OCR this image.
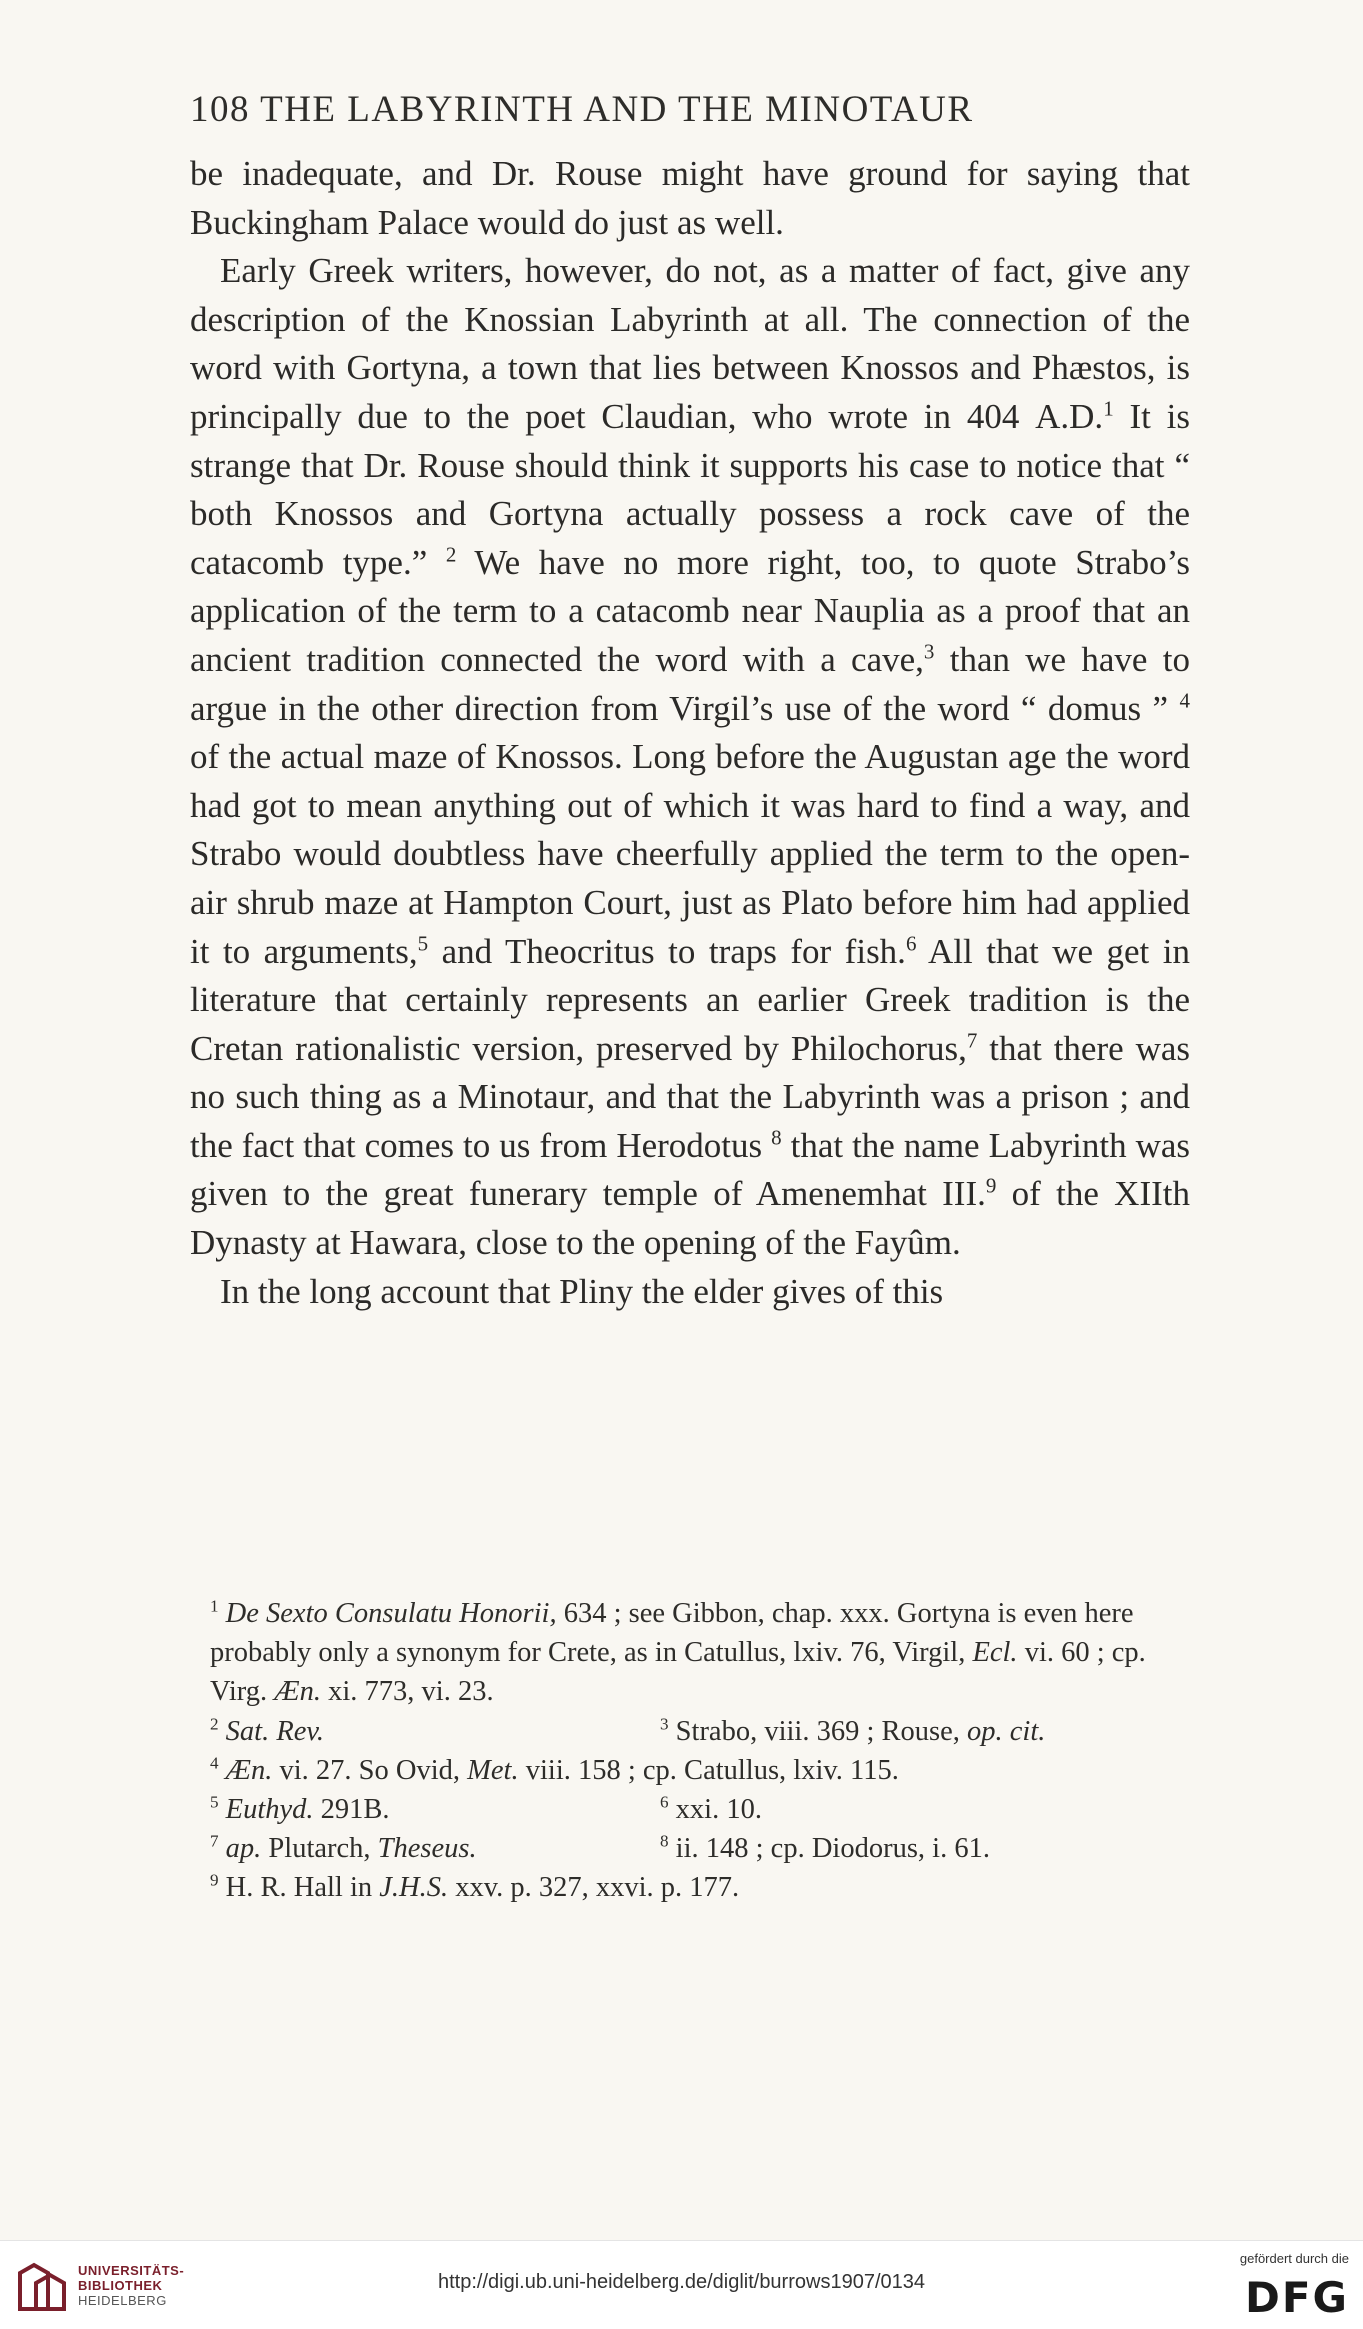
108 THE LABYRINTH AND THE MINOTAUR

be inadequate, and Dr. Rouse might have ground for saying that Buckingham Palace would do just as well.

Early Greek writers, however, do not, as a matter of fact, give any description of the Knossian Labyrinth at all. The connection of the word with Gortyna, a town that lies between Knossos and Phæstos, is principally due to the poet Claudian, who wrote in 404 A.D.$^1$ It is strange that Dr. Rouse should think it supports his case to notice that “ both Knossos and Gortyna actually possess a rock cave of the catacomb type.” $^2$ We have no more right, too, to quote Strabo’s application of the term to a catacomb near Nauplia as a proof that an ancient tradition connected the word with a cave,$^3$ than we have to argue in the other direction from Virgil’s use of the word “ domus ” $^4$ of the actual maze of Knossos. Long before the Augustan age the word had got to mean anything out of which it was hard to find a way, and Strabo would doubtless have cheerfully applied the term to the open-air shrub maze at Hampton Court, just as Plato before him had applied it to arguments,$^5$ and Theocritus to traps for fish.$^6$ All that we get in literature that certainly represents an earlier Greek tradition is the Cretan rationalistic version, preserved by Philochorus,$^7$ that there was no such thing as a Minotaur, and that the Labyrinth was a prison ; and the fact that comes to us from Herodotus $^8$ that the name Labyrinth was given to the great funerary temple of Amenemhat III.$^9$ of the XIIth Dynasty at Hawara, close to the opening of the Fayûm.

In the long account that Pliny the elder gives of this

$^1$ De Sexto Consulatu Honorii, 634 ; see Gibbon, chap. xxx. Gortyna is even here probably only a synonym for Crete, as in Catullus, lxiv. 76, Virgil, Ecl. vi. 60 ; cp. Virg. Æn. xi. 773, vi. 23.

$^2$ Sat. Rev.	$^3$ Strabo, viii. 369 ; Rouse, op. cit.

$^4$ Æn. vi. 27. So Ovid, Met. viii. 158 ; cp. Catullus, lxiv. 115.

$^5$ Euthyd. 291B.	$^6$ xxi. 10.
$^7$ ap. Plutarch, Theseus.	$^8$ ii. 148 ; cp. Diodorus, i. 61.

$^9$ H. R. Hall in J.H.S. xxv. p. 327, xxvi. p. 177.

UNIVERSITÄTS-
BIBLIOTHEK
HEIDELBERG
http://digi.ub.uni-heidelberg.de/diglit/burrows1907/0134
gefördert durch die
DFG
